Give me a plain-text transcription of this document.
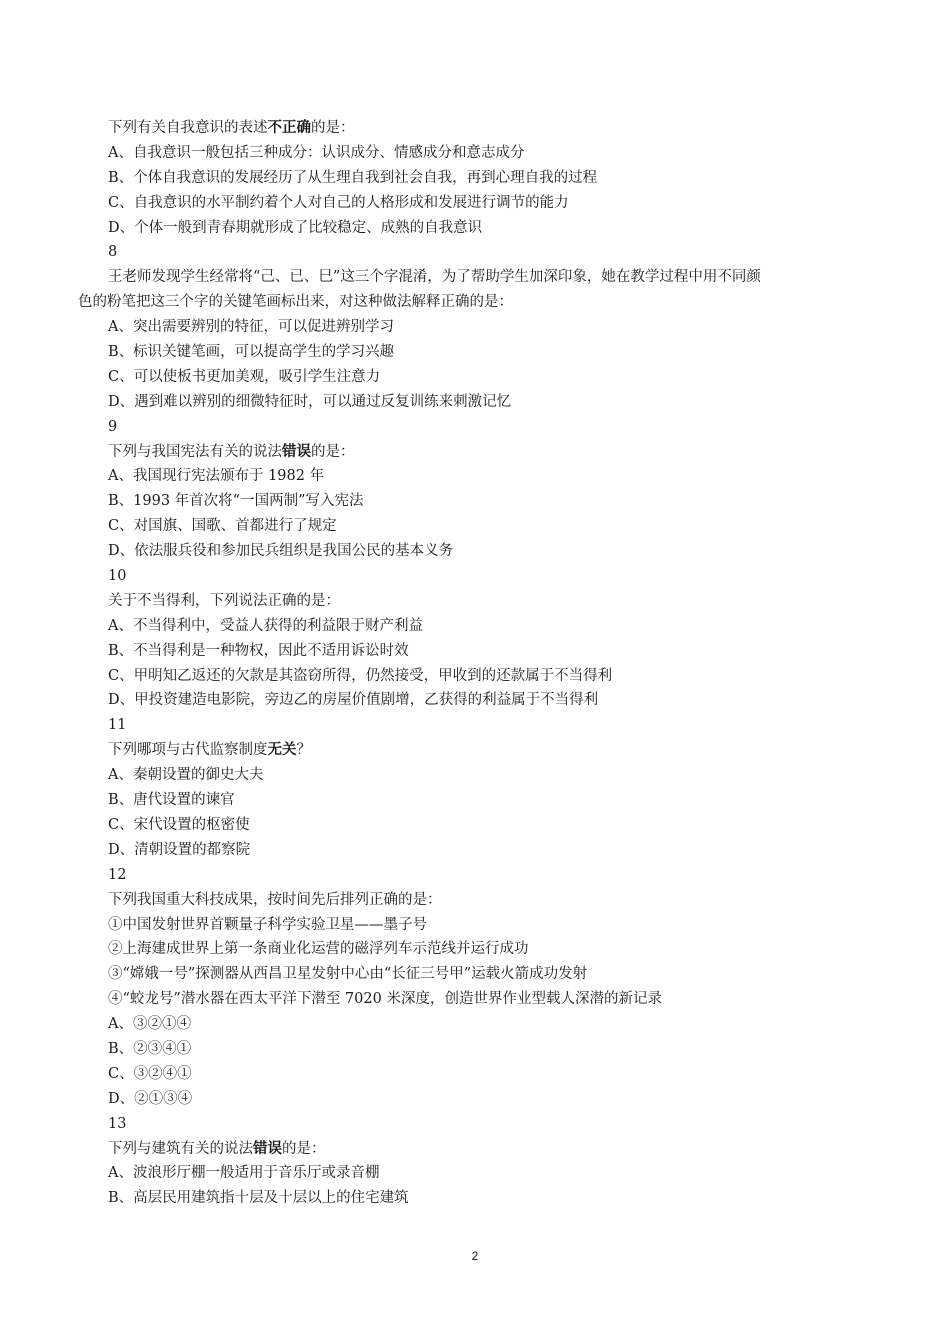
下列有关自我意识的表述不正确的是：
A、自我意识一般包括三种成分：认识成分、情感成分和意志成分
B、个体自我意识的发展经历了从生理自我到社会自我，再到心理自我的过程
C、自我意识的水平制约着个人对自己的人格形成和发展进行调节的能力
D、个体一般到青春期就形成了比较稳定、成熟的自我意识
8
王老师发现学生经常将“己、已、巳”这三个字混淆，为了帮助学生加深印象，她在教学过程中用不同颜
色的粉笔把这三个字的关键笔画标出来，对这种做法解释正确的是：
A、突出需要辨别的特征，可以促进辨别学习
B、标识关键笔画，可以提高学生的学习兴趣
C、可以使板书更加美观，吸引学生注意力
D、遇到难以辨别的细微特征时，可以通过反复训练来刺激记忆
9
下列与我国宪法有关的说法错误的是：
A、我国现行宪法颁布于 1982 年
B、1993 年首次将“一国两制”写入宪法
C、对国旗、国歌、首都进行了规定
D、依法服兵役和参加民兵组织是我国公民的基本义务
10
关于不当得利，下列说法正确的是：
A、不当得利中，受益人获得的利益限于财产利益
B、不当得利是一种物权，因此不适用诉讼时效
C、甲明知乙返还的欠款是其盗窃所得，仍然接受，甲收到的还款属于不当得利
D、甲投资建造电影院，旁边乙的房屋价值剧增，乙获得的利益属于不当得利
11
下列哪项与古代监察制度无关？
A、秦朝设置的御史大夫
B、唐代设置的谏官
C、宋代设置的枢密使
D、清朝设置的都察院
12
下列我国重大科技成果，按时间先后排列正确的是：
①中国发射世界首颗量子科学实验卫星——墨子号
②上海建成世界上第一条商业化运营的磁浮列车示范线并运行成功
③“嫦娥一号”探测器从西昌卫星发射中心由“长征三号甲”运载火箭成功发射
④“蛟龙号”潜水器在西太平洋下潜至 7020 米深度，创造世界作业型载人深潜的新记录
A、③②①④
B、②③④①
C、③②④①
D、②①③④
13
下列与建筑有关的说法错误的是：
A、波浪形厅棚一般适用于音乐厅或录音棚
B、高层民用建筑指十层及十层以上的住宅建筑
2
